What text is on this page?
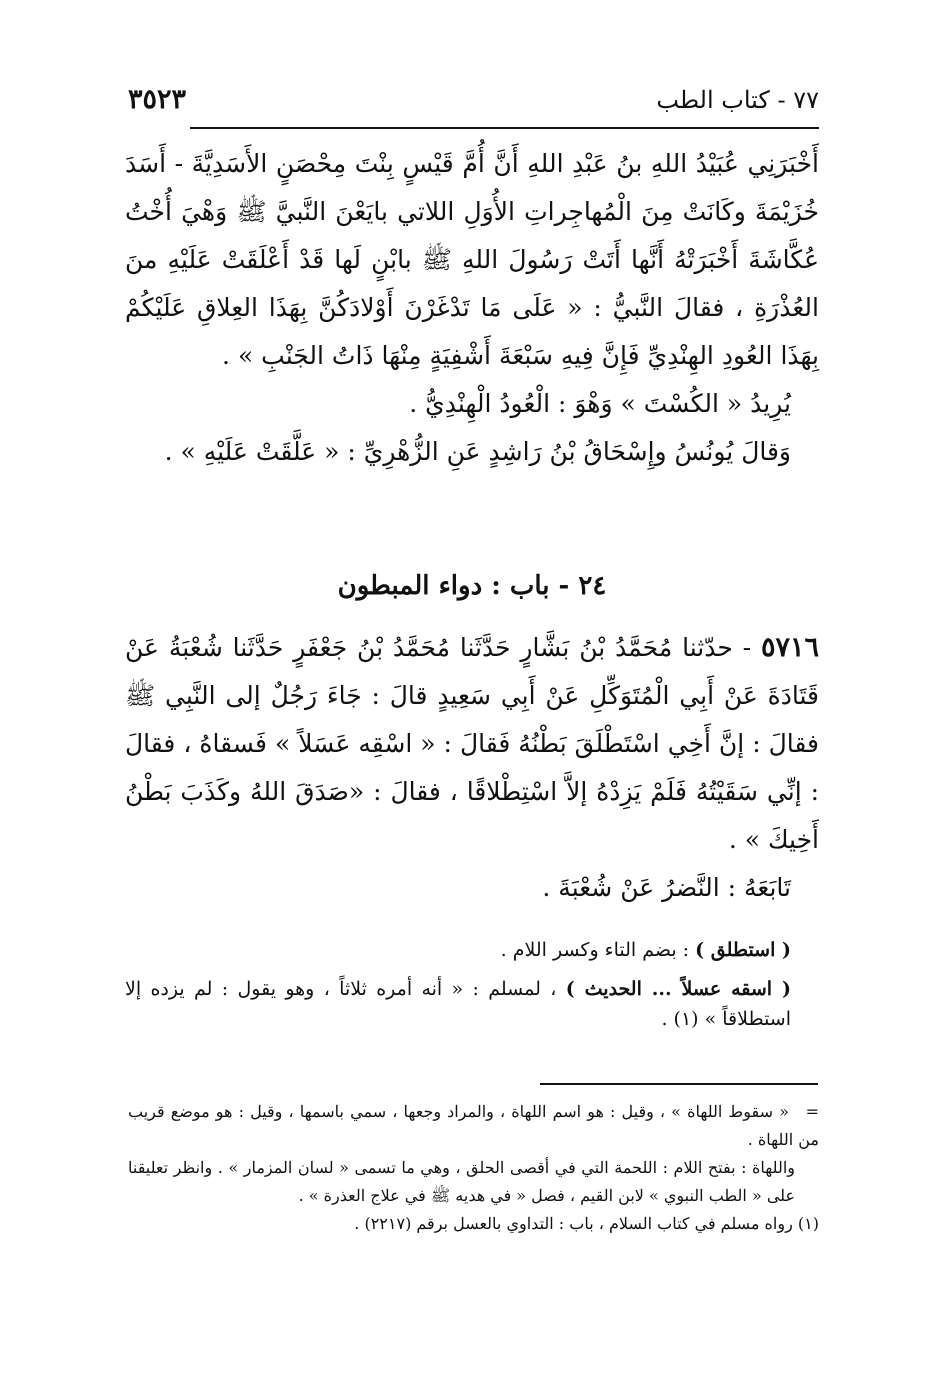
٧٧ - كتاب الطب
٣٥٢٣

أَخْبَرَنِي عُبَيْدُ اللهِ بنُ عَبْدِ اللهِ أَنَّ أُمَّ قَيْسٍ بِنْتَ مِحْصَنٍ الأَسَدِيَّةَ - أَسَدَ خُزَيْمَةَ وكَانَتْ مِنَ الْمُهاجِراتِ الأُوَلِ اللاتي بايَعْنَ النَّبيَّ ﷺ وَهْيَ أُخْتُ عُكَّاشَةَ أَخْبَرَتْهُ أَنَّها أَتَتْ رَسُولَ اللهِ ﷺ بابْنٍ لَها قَدْ أَعْلَقَتْ عَلَيْهِ منَ العُذْرَةِ ، فقالَ النَّبيُّ : « عَلَى مَا تَدْغَرْنَ أَوْلادَكُنَّ بِهَذَا العِلاقِ عَلَيْكُمْ بِهَذَا العُودِ الهِنْدِيِّ فَإِنَّ فِيهِ سَبْعَةَ أَشْفِيَةٍ مِنْهَا ذَاتُ الجَنْبِ » .

يُرِيدُ « الكُسْتَ » وَهْوَ : الْعُودُ الْهِنْدِيُّ .

وَقالَ يُونُسُ وإِسْحَاقُ بْنُ رَاشِدٍ عَنِ الزُّهْرِيِّ : « عَلَّقَتْ عَلَيْهِ » .

٢٤ - باب : دواء المبطون

٥٧١٦ - حدّثنا مُحَمَّدُ بْنُ بَشَّارٍ حَدَّثَنا مُحَمَّدُ بْنُ جَعْفَرٍ حَدَّثَنا شُعْبَةُ عَنْ قَتَادَةَ عَنْ أَبِي الْمُتَوَكِّلِ عَنْ أَبِي سَعِيدٍ قالَ : جَاءَ رَجُلٌ إلى النَّبِي ﷺ فقالَ : إنَّ أَخِي اسْتَطْلَقَ بَطْنُهُ فَقالَ : « اسْقِه عَسَلاً » فَسقاهُ ، فقالَ : إنِّي سَقَيْتُهُ فَلَمْ يَزِدْهُ إلاَّ اسْتِطْلاقًا ، فقالَ : «صَدَقَ اللهُ وكَذَبَ بَطْنُ أَخِيكَ » .

تَابَعَهُ : النَّضرُ عَنْ شُعْبَةَ .

( استطلق ) : بضم التاء وكسر اللام .

( اسقه عسلاً ... الحديث ) ، لمسلم : « أنه أمره ثلاثاً ، وهو يقول : لم يزده إلا استطلاقاً » (١) .

= « سقوط اللهاة » ، وقيل : هو اسم اللهاة ، والمراد وجعها ، سمي باسمها ، وقيل : هو موضع قريب من اللهاة .

واللهاة : بفتح اللام : اللحمة التي في أقصى الحلق ، وهي ما تسمى « لسان المزمار » . وانظر تعليقنا على « الطب النبوي » لابن القيم ، فصل « في هديه ﷺ في علاج العذرة » .

(١) رواه مسلم في كتاب السلام ، باب : التداوي بالعسل برقم (٢٢١٧) .
